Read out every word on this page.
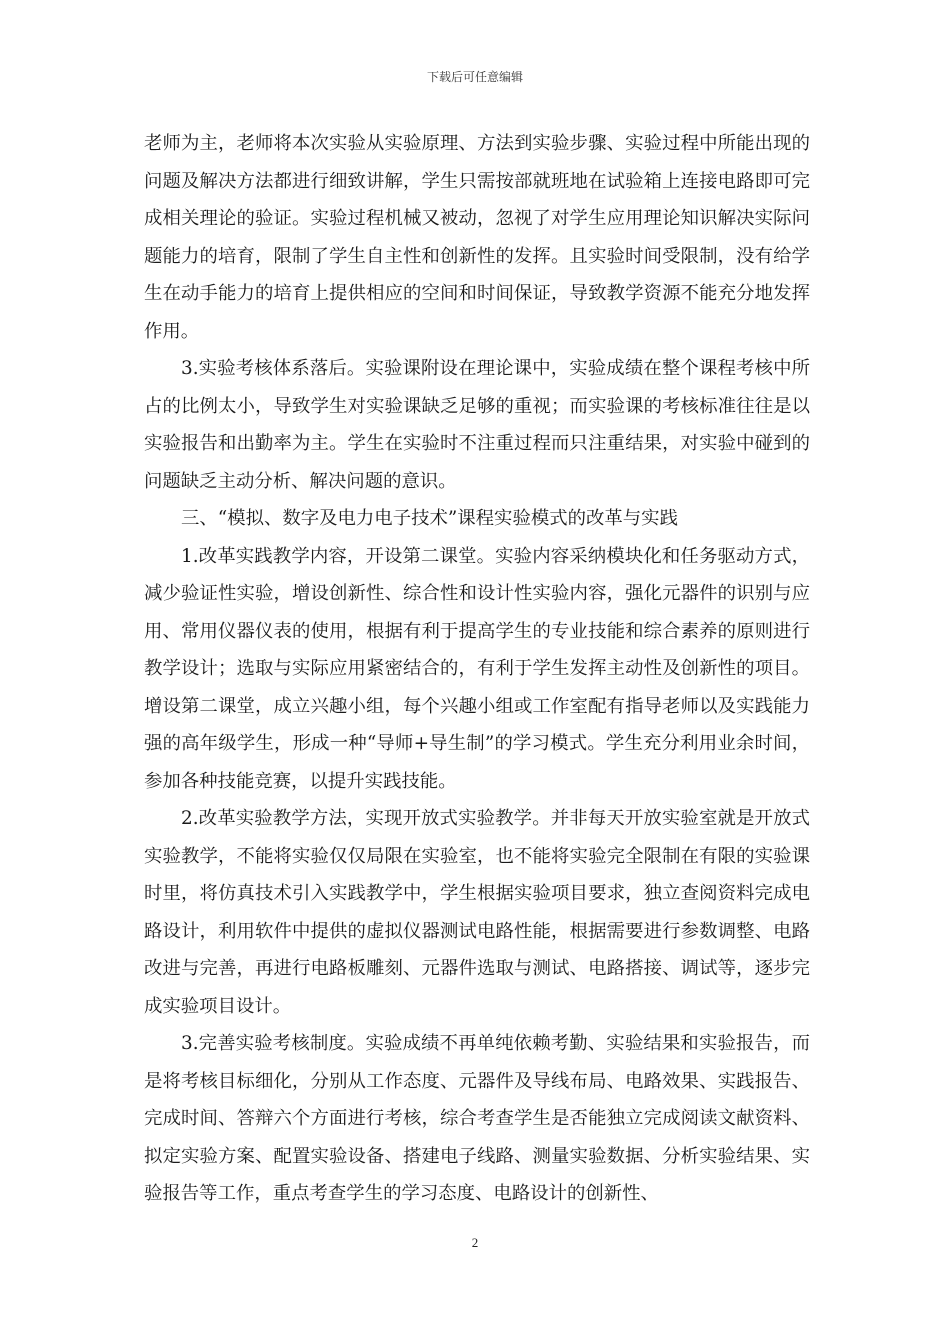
下载后可任意编辑

老师为主，老师将本次实验从实验原理、方法到实验步骤、实验过程中所能出现的问题及解决方法都进行细致讲解，学生只需按部就班地在试验箱上连接电路即可完成相关理论的验证。实验过程机械又被动，忽视了对学生应用理论知识解决实际问题能力的培育，限制了学生自主性和创新性的发挥。且实验时间受限制，没有给学生在动手能力的培育上提供相应的空间和时间保证，导致教学资源不能充分地发挥作用。

3.实验考核体系落后。实验课附设在理论课中，实验成绩在整个课程考核中所占的比例太小，导致学生对实验课缺乏足够的重视；而实验课的考核标准往往是以实验报告和出勤率为主。学生在实验时不注重过程而只注重结果，对实验中碰到的问题缺乏主动分析、解决问题的意识。

三、“模拟、数字及电力电子技术”课程实验模式的改革与实践

1.改革实践教学内容，开设第二课堂。实验内容采纳模块化和任务驱动方式，减少验证性实验，增设创新性、综合性和设计性实验内容，强化元器件的识别与应用、常用仪器仪表的使用，根据有利于提高学生的专业技能和综合素养的原则进行教学设计；选取与实际应用紧密结合的，有利于学生发挥主动性及创新性的项目。增设第二课堂，成立兴趣小组，每个兴趣小组或工作室配有指导老师以及实践能力强的高年级学生，形成一种“导师+导生制”的学习模式。学生充分利用业余时间，参加各种技能竞赛，以提升实践技能。

2.改革实验教学方法，实现开放式实验教学。并非每天开放实验室就是开放式实验教学，不能将实验仅仅局限在实验室，也不能将实验完全限制在有限的实验课时里，将仿真技术引入实践教学中，学生根据实验项目要求，独立查阅资料完成电路设计，利用软件中提供的虚拟仪器测试电路性能，根据需要进行参数调整、电路改进与完善，再进行电路板雕刻、元器件选取与测试、电路搭接、调试等，逐步完成实验项目设计。

3.完善实验考核制度。实验成绩不再单纯依赖考勤、实验结果和实验报告，而是将考核目标细化，分别从工作态度、元器件及导线布局、电路效果、实践报告、完成时间、答辩六个方面进行考核，综合考查学生是否能独立完成阅读文献资料、拟定实验方案、配置实验设备、搭建电子线路、测量实验数据、分析实验结果、实验报告等工作，重点考查学生的学习态度、电路设计的创新性、

2
